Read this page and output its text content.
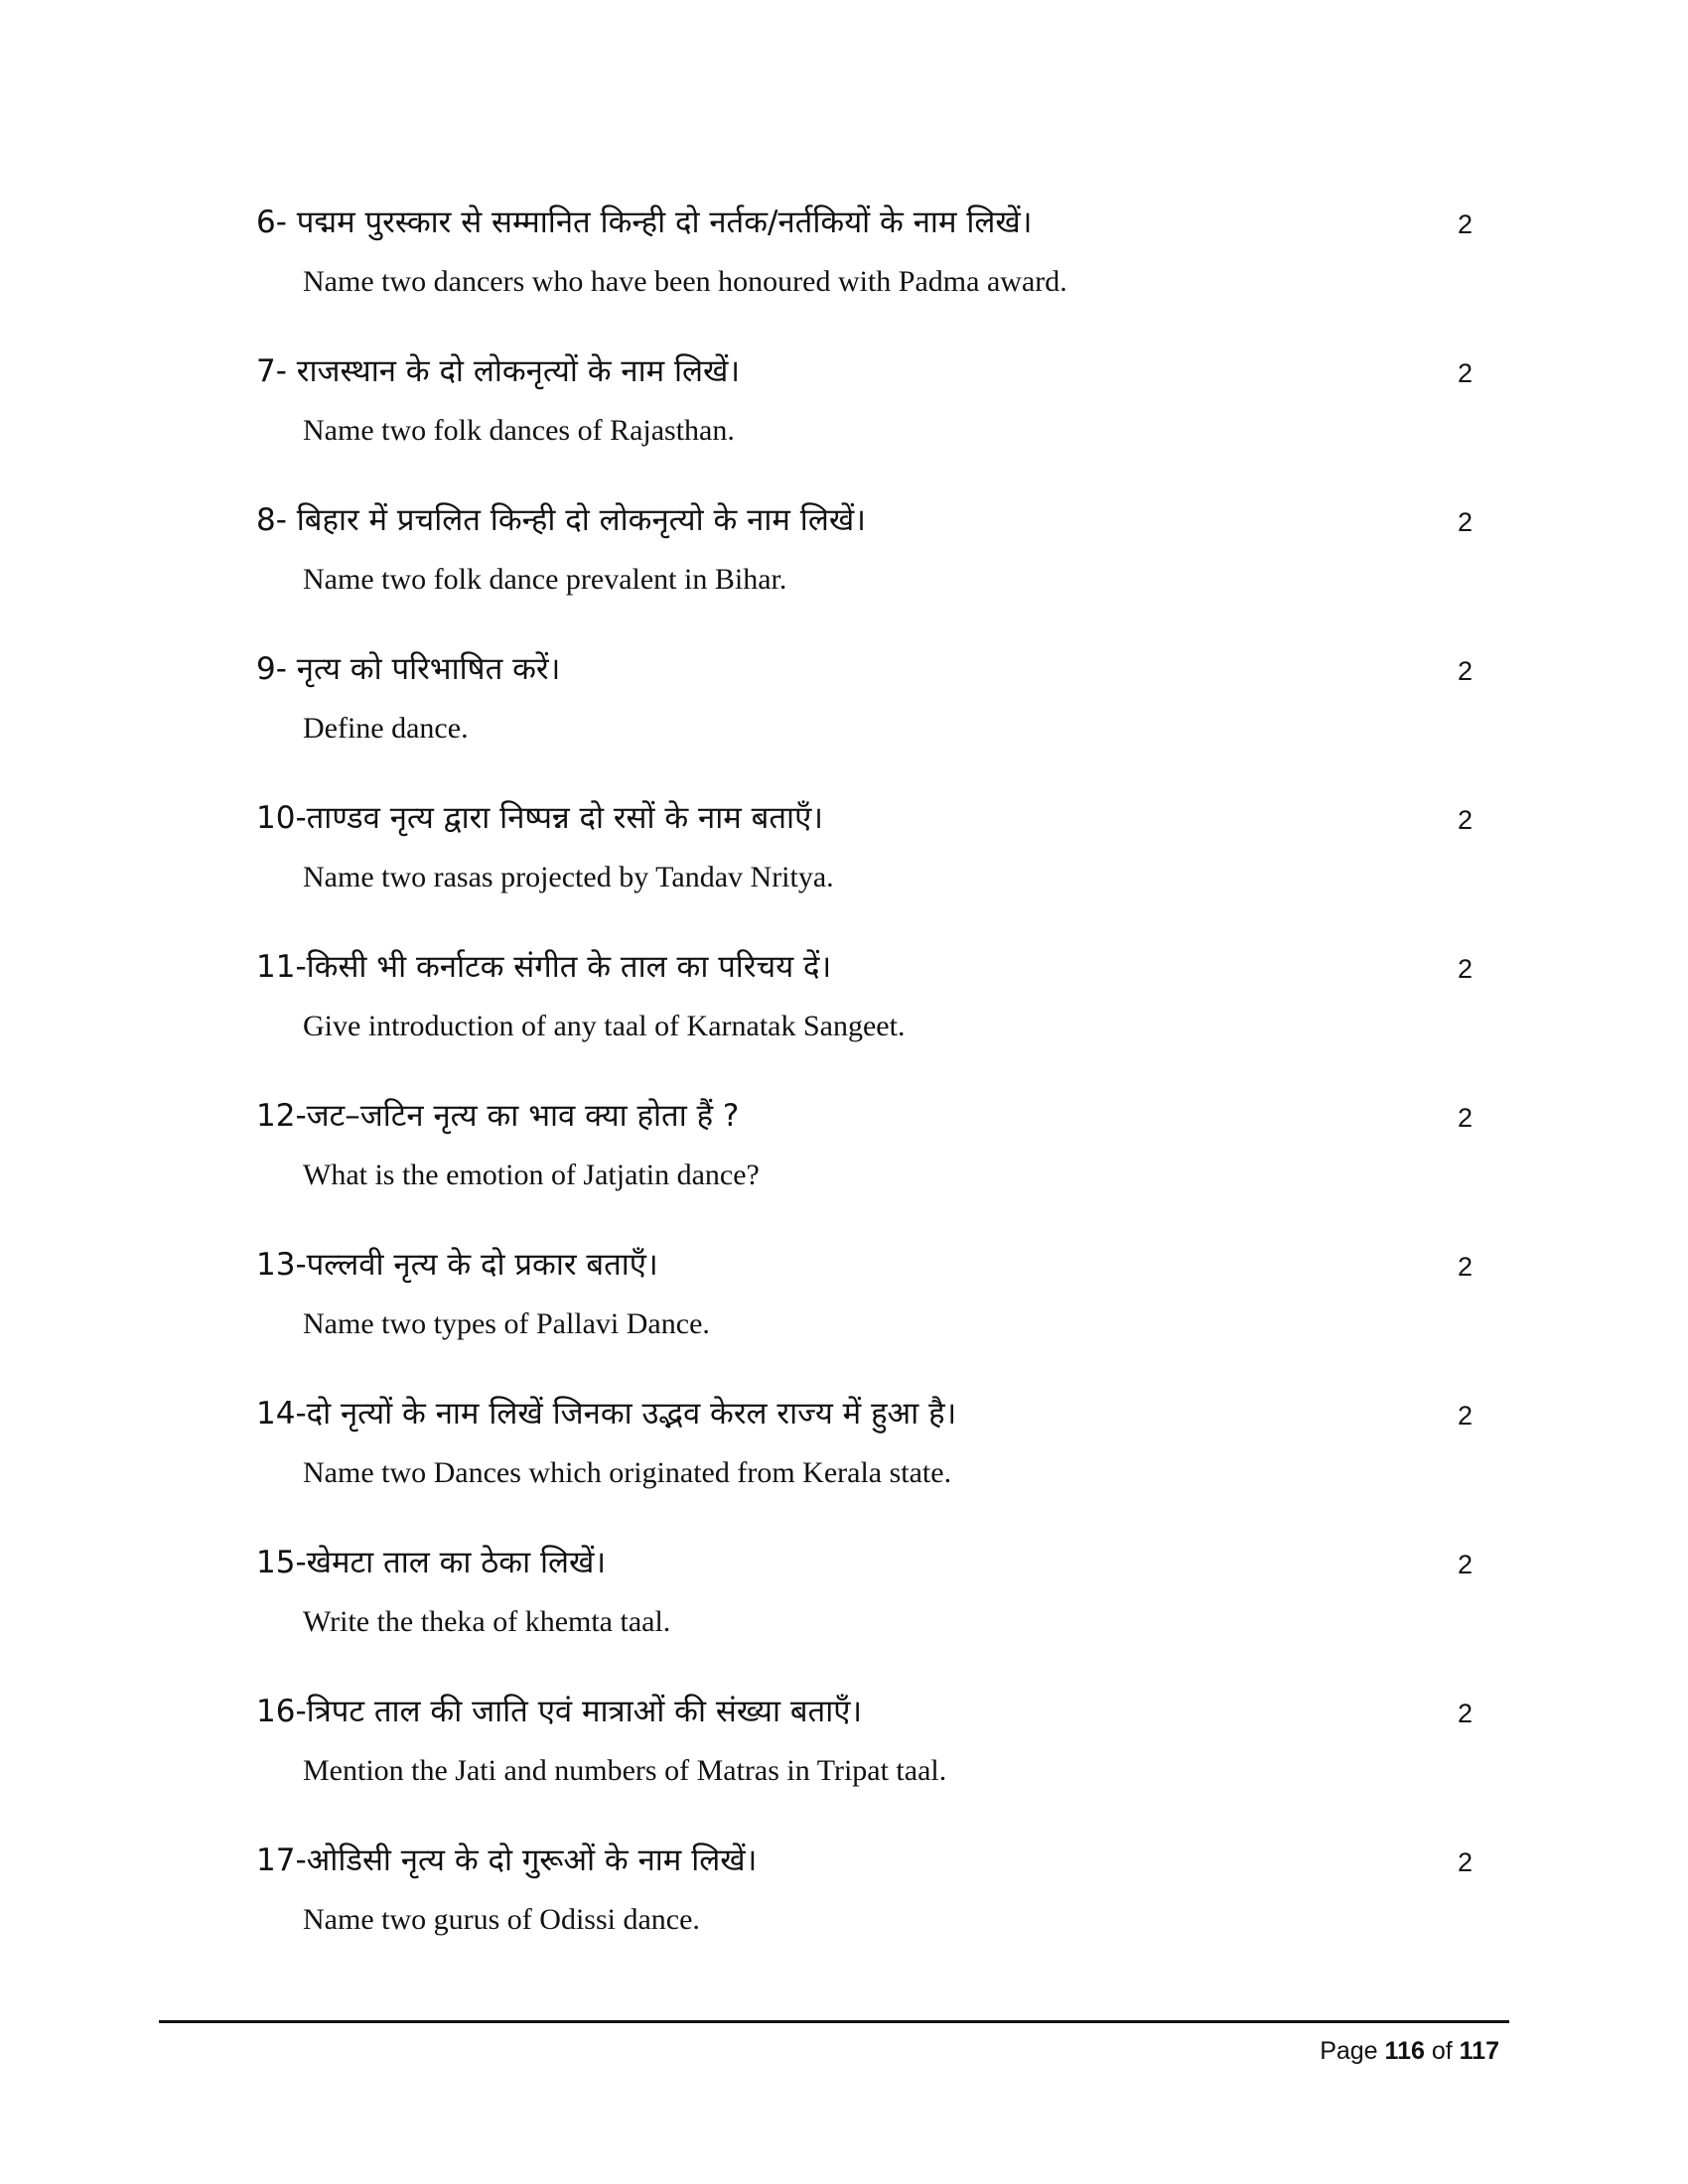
6- पद्मम पुरस्कार से सम्मानित किन्ही दो नर्तक/नर्तकियों के नाम लिखें।	2
Name two dancers who have been honoured with Padma award.
7- राजस्थान के दो लोकनृत्यों के नाम लिखें।	2
Name two folk dances of Rajasthan.
8- बिहार में प्रचलित किन्ही दो लोकनृत्यो के नाम लिखें।	2
Name two folk dance prevalent in Bihar.
9- नृत्य को परिभाषित करें।	2
Define dance.
10-ताण्डव नृत्य द्वारा निष्पन्न दो रसों के नाम बताएँ।	2
Name two rasas projected by Tandav Nritya.
11-किसी भी कर्नाटक संगीत के ताल का परिचय दें।	2
Give introduction of any taal of Karnatak Sangeet.
12-जट–जटिन नृत्य का भाव क्या होता हैं ?	2
What is the emotion of Jatjatin dance?
13-पल्लवी नृत्य के दो प्रकार बताएँ।	2
Name two types of Pallavi Dance.
14-दो नृत्यों के नाम लिखें जिनका उद्भव केरल राज्य में हुआ है।	2
Name two Dances which originated from Kerala state.
15-खेमटा ताल का ठेका लिखें।	2
Write the theka of khemta taal.
16-त्रिपट ताल की जाति एवं मात्राओं की संख्या बताएँ।	2
Mention the Jati and numbers of Matras in Tripat taal.
17-ओडिसी नृत्य के दो गुरूओं के नाम लिखें।	2
Name two gurus of Odissi dance.
Page 116 of 117
